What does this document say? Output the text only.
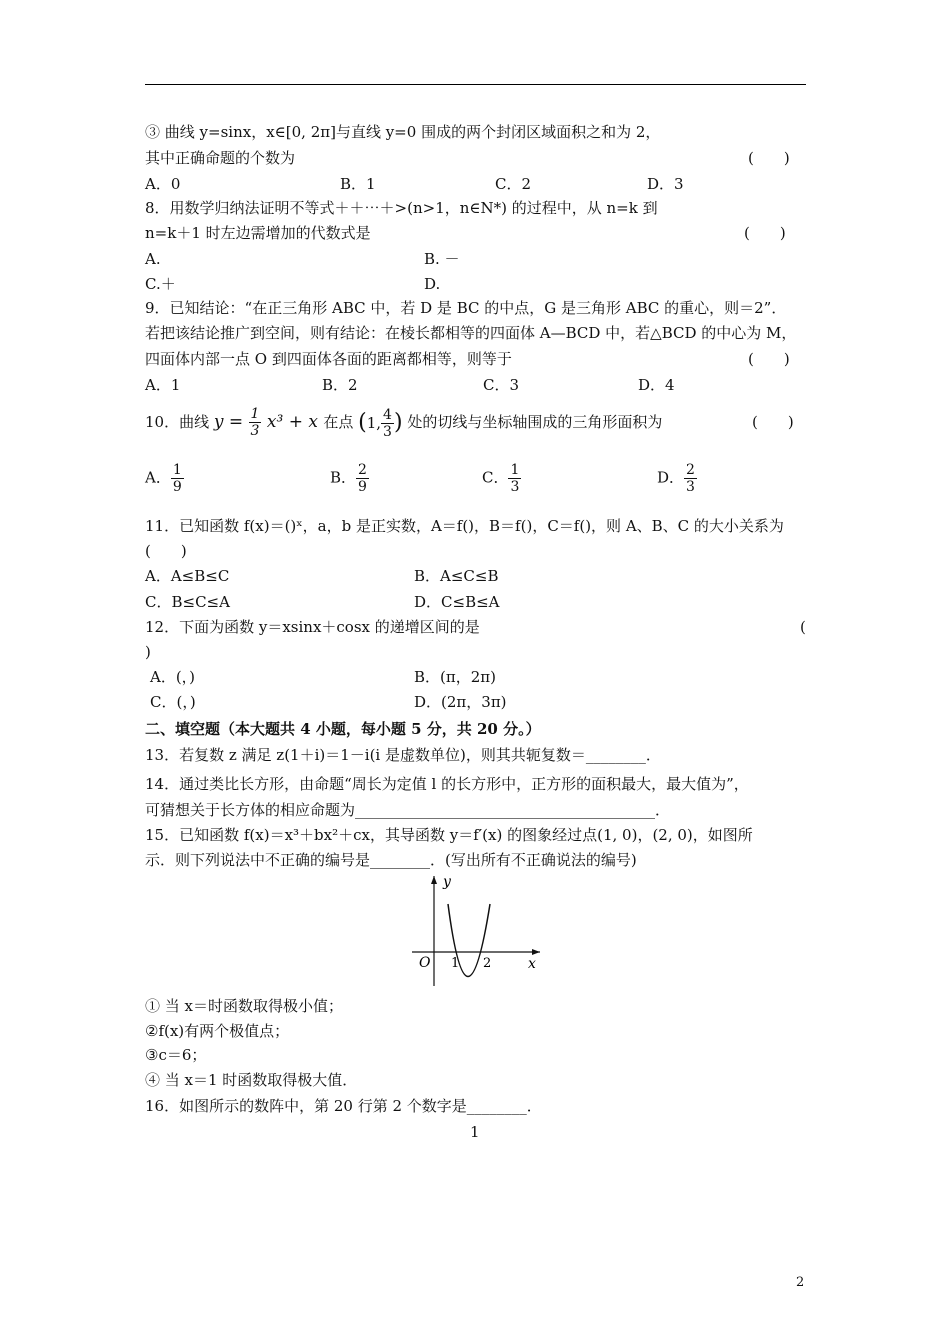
③ 曲线 y=sinx，x∈[0, 2π]与直线 y=0 围成的两个封闭区域面积之和为 2，
其中正确命题的个数为	(　　)
A．0	B．1	C．2	D．3
8．用数学归纳法证明不等式＋＋⋯＋>(n>1，n∈N*) 的过程中，从 n=k 到
n=k＋1 时左边需增加的代数式是	(　　)
A.	B. －
C.＋	D.
9．已知结论：“在正三角形 ABC 中，若 D 是 BC 的中点，G 是三角形 ABC 的重心，则＝2”．
若把该结论推广到空间，则有结论：在棱长都相等的四面体 A—BCD 中，若△BCD 的中心为 M，
四面体内部一点 O 到四面体各面的距离都相等，则等于	(　　)
A．1	B．2	C．3	D．4
10．曲线 $y = \frac{1}{3} x^3 + x$ 在点 (1, $\frac{4}{3}$ ) 处的切线与坐标轴围成的三角形面积为	(　　)
A． $\frac{1}{9}$	B． $\frac{2}{9}$	C． $\frac{1}{3}$	D． $\frac{2}{3}$
11．已知函数 f(x)＝()ˣ，a，b 是正实数，A＝f()，B＝f()，C＝f()，则 A、B、C 的大小关系为
(　　)
A．A≤B≤C	B．A≤C≤B
C．B≤C≤A	D．C≤B≤A
12．下面为函数 y＝xsinx＋cosx 的递增区间的是	(
)
A．(，)	B．(π，2π)
C．(，)	D．(2π，3π)
二、填空题（本大题共 4 小题，每小题 5 分，共 20 分。）
13．若复数 z 满足 z(1＋i)＝1－i(i 是虚数单位)，则其共轭复数＝________．
14．通过类比长方形，由命题“周长为定值 l 的长方形中，正方形的面积最大，最大值为”，
可猜想关于长方体的相应命题为________________________________________．
15．已知函数 f(x)＝x³＋bx²＋cx，其导函数 y＝f′(x) 的图象经过点(1, 0)，(2, 0)，如图所
示．则下列说法中不正确的编号是________．(写出所有不正确说法的编号)
y
x
O 1 2
① 当 x＝时函数取得极小值；
②f(x)有两个极值点；
③c＝6；
④ 当 x＝1 时函数取得极大值．
16．如图所示的数阵中，第 20 行第 2 个数字是________．
1
2
